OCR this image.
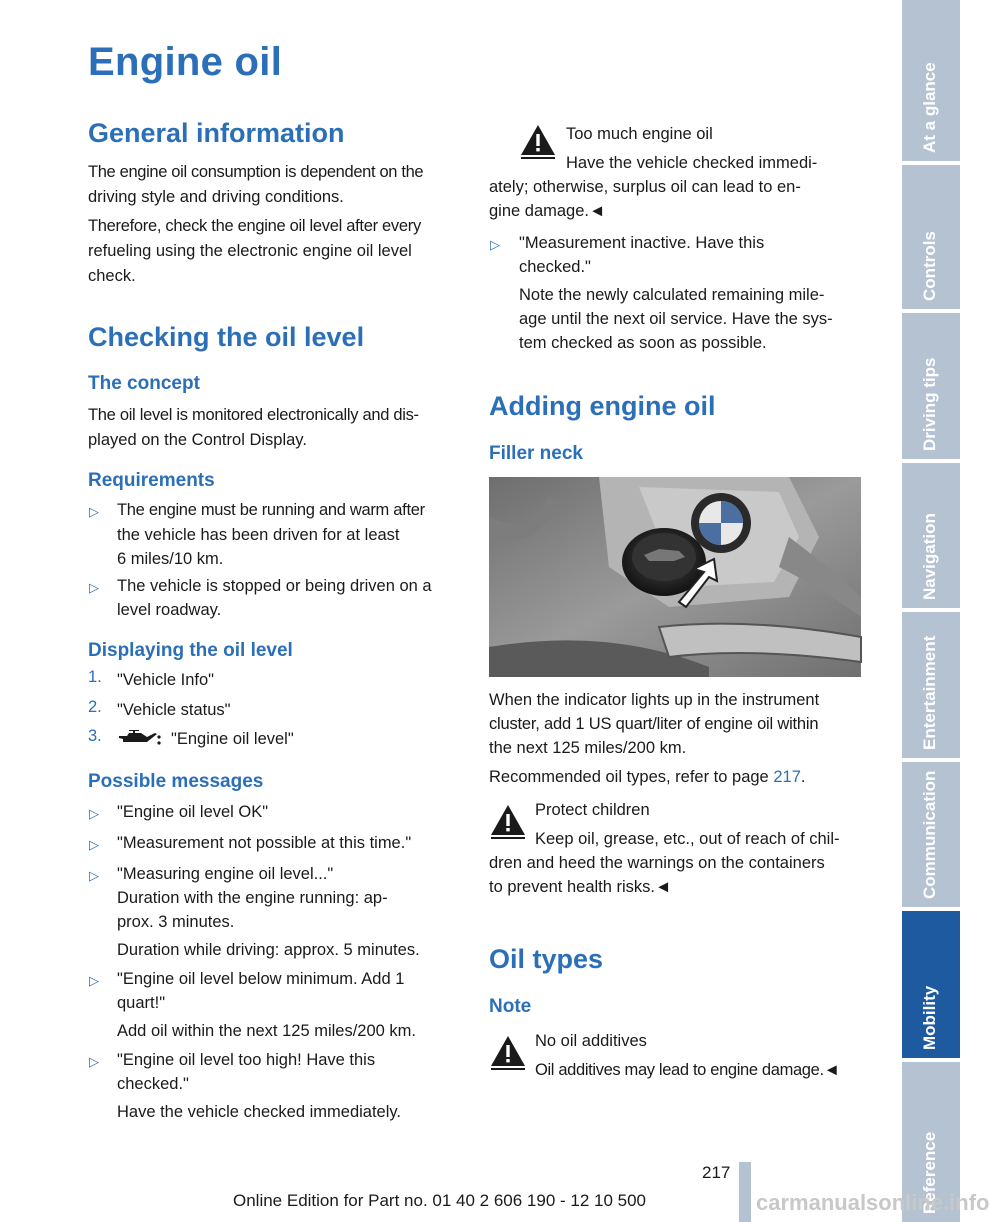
Engine oil
General information
The engine oil consumption is dependent on the
driving style and driving conditions.
Therefore, check the engine oil level after every
refueling using the electronic engine oil level
check.
Checking the oil level
The concept
The oil level is monitored electronically and dis-
played on the Control Display.
Requirements
▷ The engine must be running and warm after
the vehicle has been driven for at least
6 miles/10 km.
▷ The vehicle is stopped or being driven on a
level roadway.
Displaying the oil level
1. "Vehicle Info"
2. "Vehicle status"
3.	"Engine oil level"
Possible messages
▷ "Engine oil level OK"
▷ "Measurement not possible at this time."
▷ "Measuring engine oil level..."
Duration with the engine running: ap-
prox. 3 minutes.
Duration while driving: approx. 5 minutes.
▷ "Engine oil level below minimum. Add 1
quart!"
Add oil within the next 125 miles/200 km.
▷ "Engine oil level too high! Have this
checked."
Have the vehicle checked immediately.
Too much engine oil
Have the vehicle checked immedi-
ately; otherwise, surplus oil can lead to en-
gine damage.◄
▷ "Measurement inactive. Have this
checked."
Note the newly calculated remaining mile-
age until the next oil service. Have the sys-
tem checked as soon as possible.
Adding engine oil
Filler neck
When the indicator lights up in the instrument
cluster, add 1 US quart/liter of engine oil within
the next 125 miles/200 km.
Recommended oil types, refer to page 217.
Protect children
Keep oil, grease, etc., out of reach of chil-
dren and heed the warnings on the containers
to prevent health risks.◄
Oil types
Note
No oil additives
Oil additives may lead to engine damage.◄
At a glance
Controls
Driving tips
Navigation
Entertainment
Communication
Mobility
Reference
217
Online Edition for Part no. 01 40 2 606 190 - 12 10 500	carmanualsonline.info
